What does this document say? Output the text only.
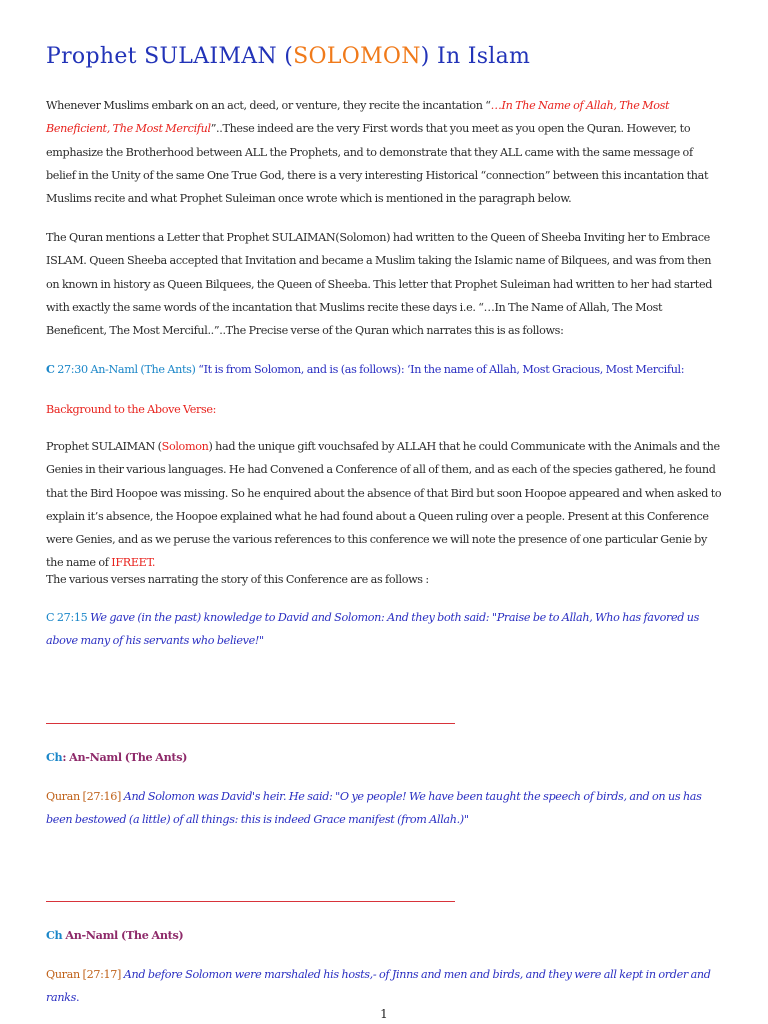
Prophet SULAIMAN (SOLOMON) In Islam

Whenever Muslims embark on an act, deed, or venture, they recite the incantation “…In The Name of Allah, The Most Beneficient, The Most Merciful”..These indeed are the very First words that you meet as you open the Quran. However, to emphasize the Brotherhood between ALL the Prophets, and to demonstrate that they ALL came with the same message of belief in the Unity of the same One True God, there is a very interesting Historical “connection” between this incantation that Muslims recite and what Prophet Suleiman once wrote which is mentioned in the paragraph below.

The Quran mentions a Letter that Prophet SULAIMAN(Solomon) had written to the Queen of Sheeba Inviting her to Embrace ISLAM. Queen Sheeba accepted that Invitation and became a Muslim taking the Islamic name of Bilquees, and was from then on known in history as Queen Bilquees, the Queen of Sheeba. This letter that Prophet Suleiman had written to her had started with exactly the same words of the incantation that Muslims recite these days i.e. “…In The Name of Allah, The Most Beneficent, The Most Merciful..”..The Precise verse of the Quran which narrates this is as follows:

C 27:30 An-Naml (The Ants) “It is from Solomon, and is (as follows): ‘In the name of Allah, Most Gracious, Most Merciful:

Background to the Above Verse:

Prophet SULAIMAN (Solomon) had the unique gift vouchsafed by ALLAH that he could Communicate with the Animals and the Genies in their various languages. He had Convened a Conference of all of them, and as each of the species gathered, he found that the Bird Hoopoe was missing. So he enquired about the absence of that Bird but soon Hoopoe appeared and when asked to explain it’s absence, the Hoopoe explained what he had found about a Queen ruling over a people. Present at this Conference were Genies, and as we peruse the various references to this conference we will note the presence of one particular Genie by the name of IFREET.

The various verses narrating the story of this Conference are as follows :

C 27:15 We gave (in the past) knowledge to David and Solomon: And they both said: "Praise be to Allah, Who has favored us above many of his servants who believe!"

Ch: An-Naml (The Ants)

Quran [27:16] And Solomon was David's heir. He said: "O ye people! We have been taught the speech of birds, and on us has been bestowed (a little) of all things: this is indeed Grace manifest (from Allah.)"

Ch An-Naml (The Ants)

Quran [27:17] And before Solomon were marshaled his hosts,- of Jinns and men and birds, and they were all kept in order and ranks.

1
